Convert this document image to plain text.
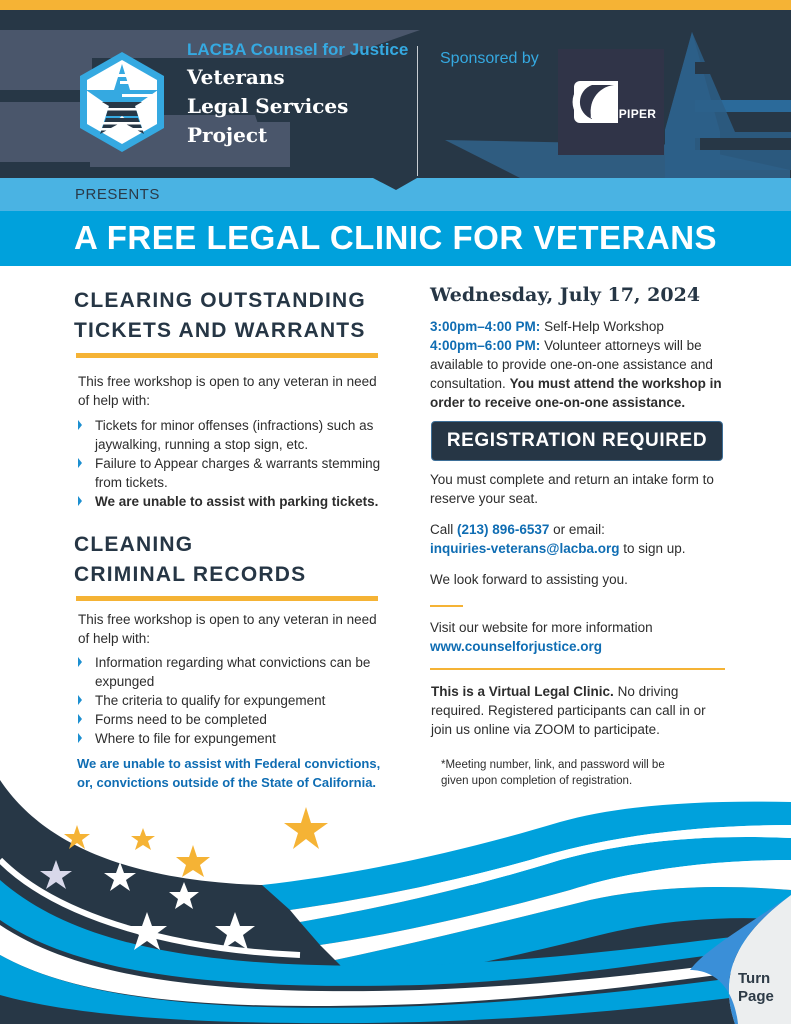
LACBA Counsel for Justice
Veterans
Legal Services
Project
Sponsored by
DLA PIPER
PRESENTS
A FREE LEGAL CLINIC FOR VETERANS
CLEARING OUTSTANDING
TICKETS AND WARRANTS
This free workshop is open to any veteran in need of help with:
Tickets for minor offenses (infractions) such as jaywalking, running a stop sign, etc.
Failure to Appear charges & warrants stemming from tickets.
We are unable to assist with parking tickets.
CLEANING
CRIMINAL RECORDS
This free workshop is open to any veteran in need of help with:
Information regarding what convictions can be expunged
The criteria to qualify for expungement
Forms need to be completed
Where to file for expungement
We are unable to assist with Federal convictions,
or, convictions outside of the State of California.
Wednesday, July 17, 2024
3:00pm–4:00 PM: Self-Help Workshop
4:00pm–6:00 PM: Volunteer attorneys will be available to provide one-on-one assistance and consultation. You must attend the workshop in order to receive one-on-one assistance.
REGISTRATION REQUIRED
You must complete and return an intake form to reserve your seat.
Call (213) 896-6537 or email:
inquiries-veterans@lacba.org to sign up.
We look forward to assisting you.
Visit our website for more information
www.counselforjustice.org
This is a Virtual Legal Clinic. No driving required. Registered participants can call in or join us online via ZOOM to participate.
*Meeting number, link, and password will be given upon completion of registration.
Turn
Page
